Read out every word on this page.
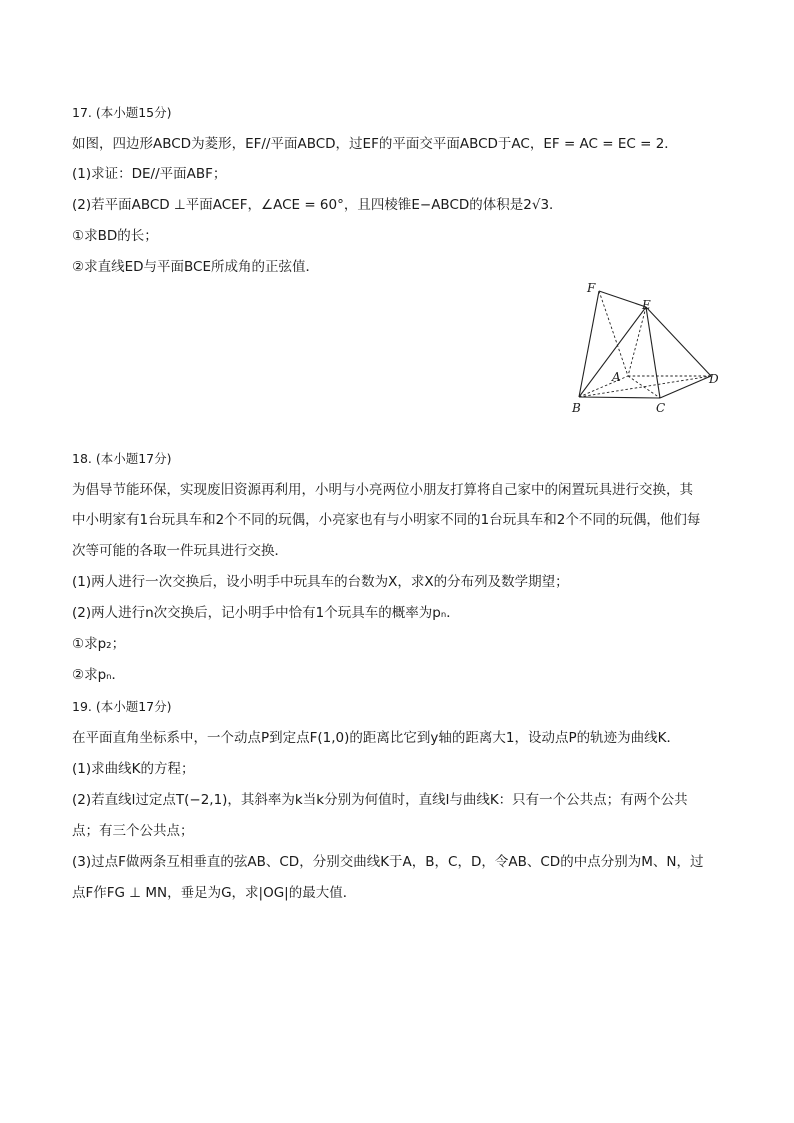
17. (本小题15分)
如图，四边形ABCD为菱形，EF//平面ABCD，过EF的平面交平面ABCD于AC，EF = AC = EC = 2．
(1)求证：DE//平面ABF；
(2)若平面ABCD ⊥平面ACEF，∠ACE = 60°，且四棱锥E−ABCD的体积是2√3．
①求BD的长；
②求直线ED与平面BCE所成角的正弦值．
F
E
A	D
B	C
18. (本小题17分)
为倡导节能环保，实现废旧资源再利用，小明与小亮两位小朋友打算将自己家中的闲置玩具进行交换，其
中小明家有1台玩具车和2个不同的玩偶，小亮家也有与小明家不同的1台玩具车和2个不同的玩偶，他们每
次等可能的各取一件玩具进行交换．
(1)两人进行一次交换后，设小明手中玩具车的台数为X，求X的分布列及数学期望；
(2)两人进行n次交换后，记小明手中恰有1个玩具车的概率为pₙ．
①求p₂；
②求pₙ．
19. (本小题17分)
在平面直角坐标系中，一个动点P到定点F(1,0)的距离比它到y轴的距离大1，设动点P的轨迹为曲线K．
(1)求曲线K的方程；
(2)若直线l过定点T(−2,1)，其斜率为k当k分别为何值时，直线l与曲线K：只有一个公共点；有两个公共
点；有三个公共点；
(3)过点F做两条互相垂直的弦AB、CD，分别交曲线K于A，B，C，D，令AB、CD的中点分别为M、N，过
点F作FG ⊥ MN，垂足为G，求|OG|的最大值．
